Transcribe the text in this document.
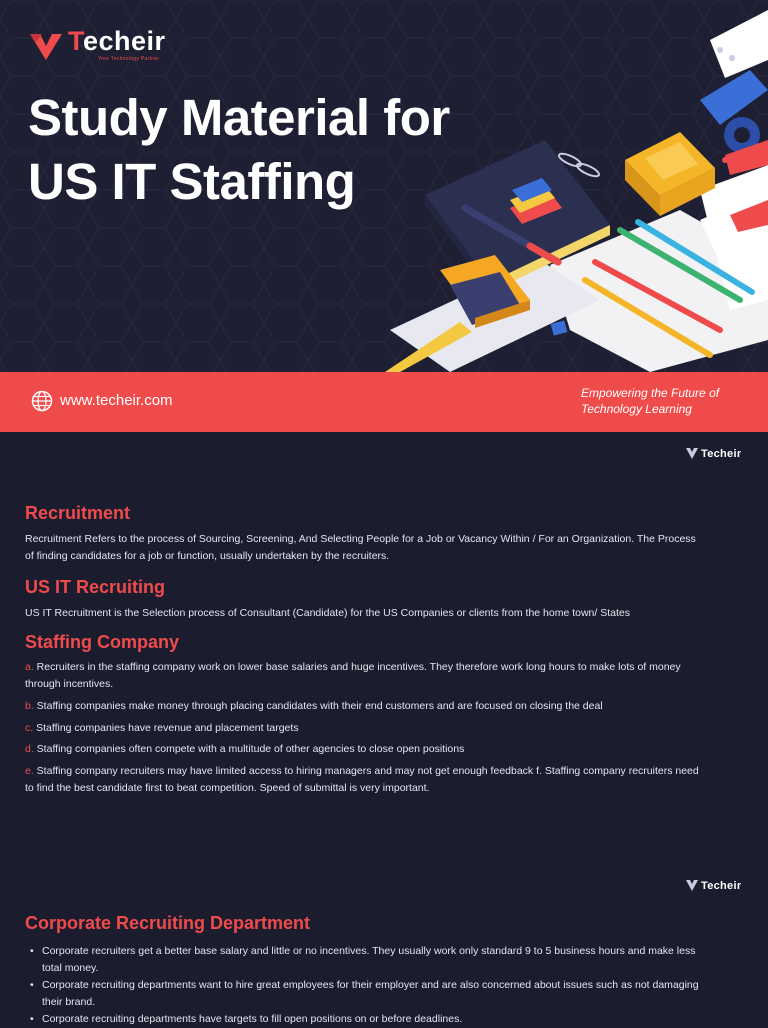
Techeir
Your Technology Partner
Study Material for
US IT Staffing
www.techeir.com	Empowering the Future of
Technology Learning
Techeir
Recruitment

Recruitment Refers to the process of Sourcing, Screening, And Selecting People for a Job or Vacancy Within / For an Organization. The Process of finding candidates for a job or function, usually undertaken by the recruiters.

US IT Recruiting

US IT Recruitment is the Selection process of Consultant (Candidate) for the US Companies or clients from the home town/ States

Staffing Company

a. Recruiters in the staffing company work on lower base salaries and huge incentives. They therefore work long hours to make lots of money through incentives.

b. Staffing companies make money through placing candidates with their end customers and are focused on closing the deal

c. Staffing companies have revenue and placement targets

d. Staffing companies often compete with a multitude of other agencies to close open positions

e. Staffing company recruiters may have limited access to hiring managers and may not get enough feedback f. Staffing company recruiters need to find the best candidate first to beat competition. Speed of submittal is very important.

Techeir
Corporate Recruiting Department
• Corporate recruiters get a better base salary and little or no incentives. They usually work only standard 9 to 5 business hours and make less total money.
• Corporate recruiting departments want to hire great employees for their employer and are also concerned about issues such as not damaging their brand.
• Corporate recruiting departments have targets to fill open positions on or before deadlines.
